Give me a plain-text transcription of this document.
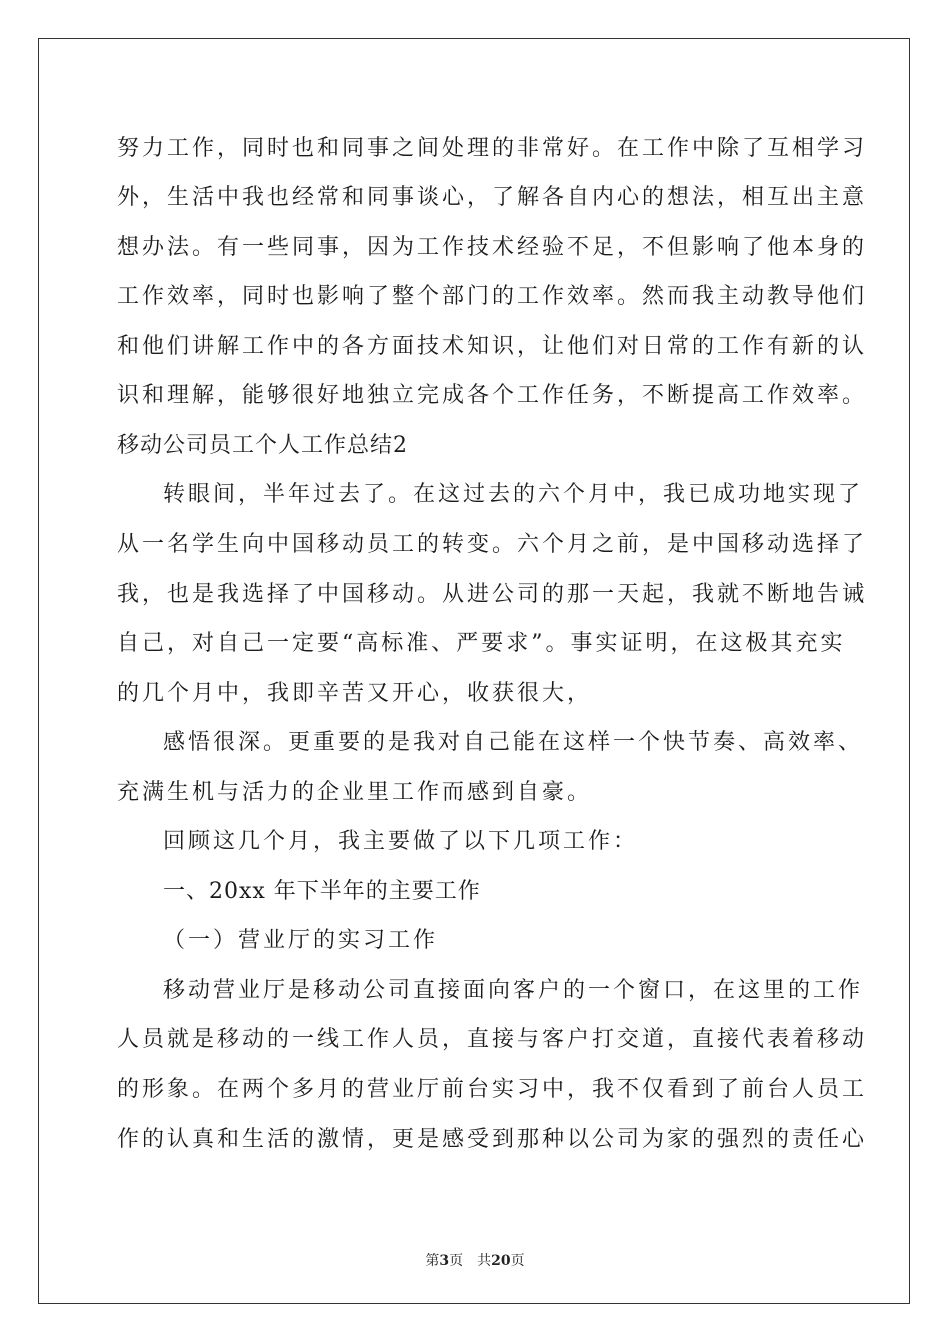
努力工作，同时也和同事之间处理的非常好。在工作中除了互相学习
外，生活中我也经常和同事谈心，了解各自内心的想法，相互出主意
想办法。有一些同事，因为工作技术经验不足，不但影响了他本身的
工作效率，同时也影响了整个部门的工作效率。然而我主动教导他们
和他们讲解工作中的各方面技术知识，让他们对日常的工作有新的认
识和理解，能够很好地独立完成各个工作任务，不断提高工作效率。
移动公司员工个人工作总结2
转眼间，半年过去了。在这过去的六个月中，我已成功地实现了
从一名学生向中国移动员工的转变。六个月之前，是中国移动选择了
我，也是我选择了中国移动。从进公司的那一天起，我就不断地告诫
自己，对自己一定要“高标准、严要求”。事实证明，在这极其充实
的几个月中，我即辛苦又开心，收获很大，
感悟很深。更重要的是我对自己能在这样一个快节奏、高效率、
充满生机与活力的企业里工作而感到自豪。
回顾这几个月，我主要做了以下几项工作：
一、20xx 年下半年的主要工作
（一）营业厅的实习工作
移动营业厅是移动公司直接面向客户的一个窗口，在这里的工作
人员就是移动的一线工作人员，直接与客户打交道，直接代表着移动
的形象。在两个多月的营业厅前台实习中，我不仅看到了前台人员工
作的认真和生活的激情，更是感受到那种以公司为家的强烈的责任心
第3页　共20页
